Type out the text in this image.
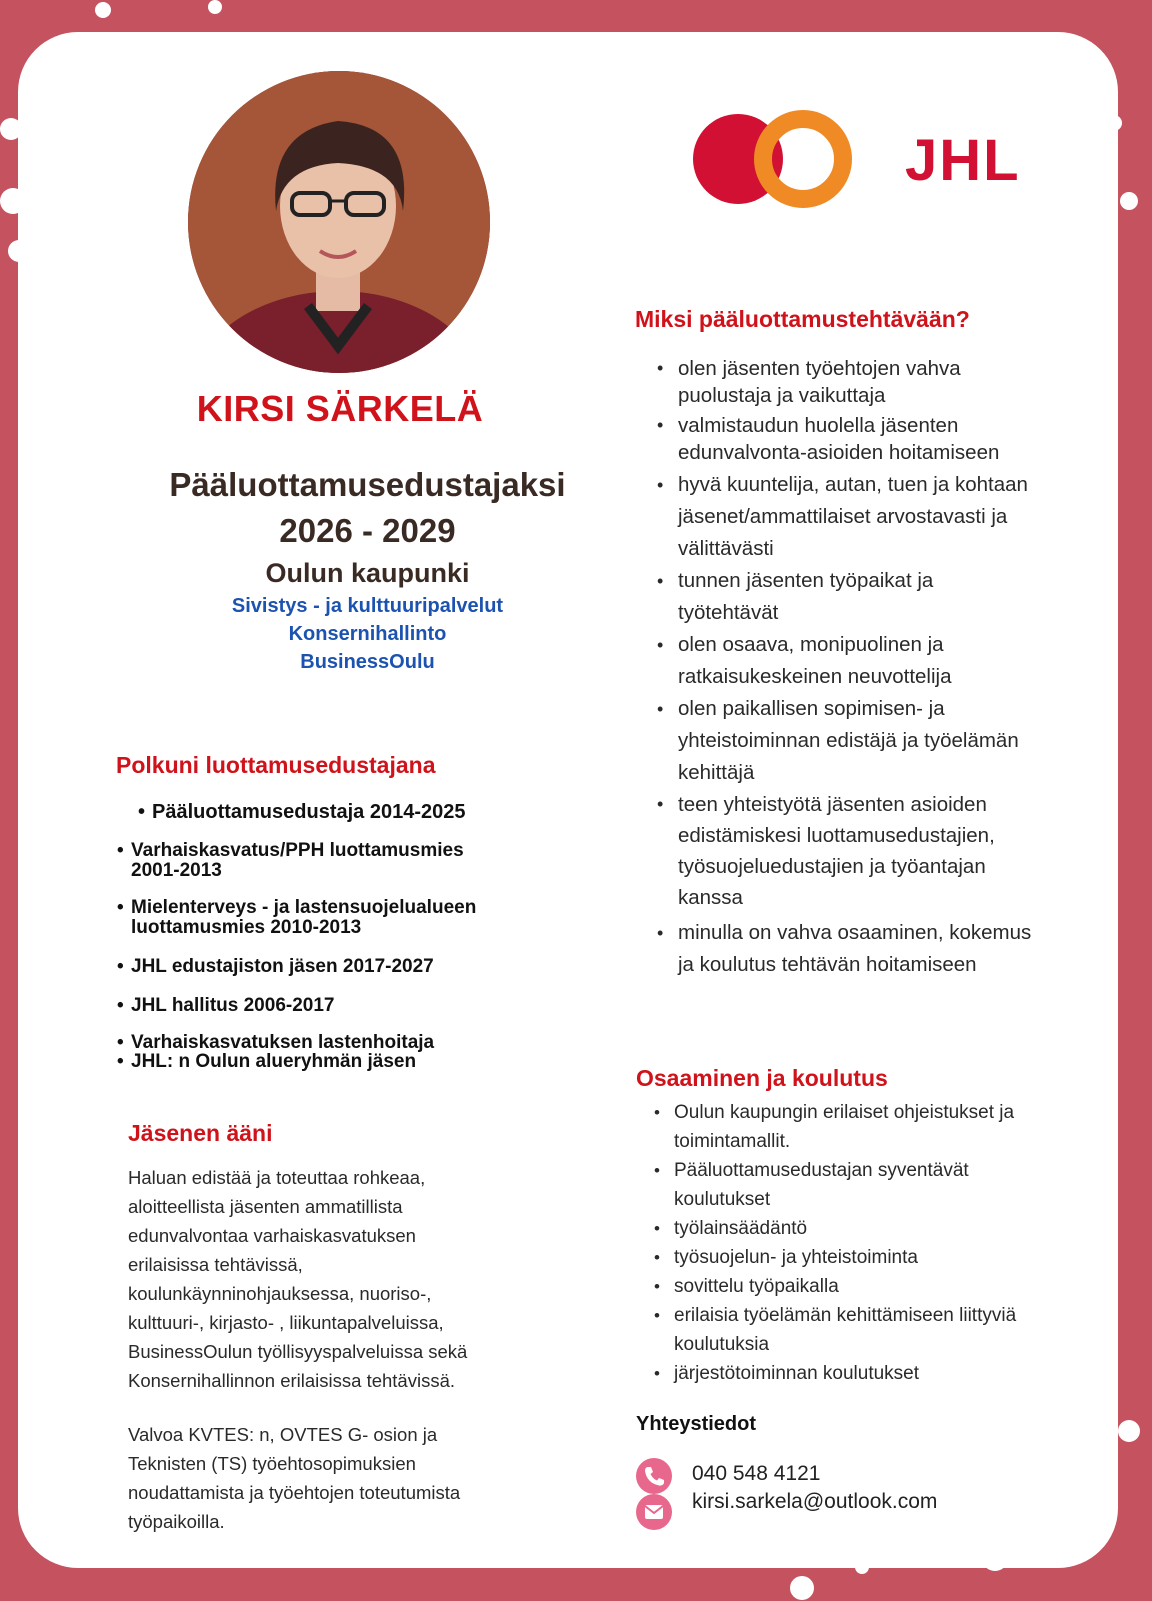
JHL
KIRSI SÄRKELÄ

Pääluottamusedustajaksi

2026 - 2029

Oulun kaupunki

Sivistys - ja kulttuuripalvelut

Konsernihallinto

BusinessOulu

Polkuni luottamusedustajana
• Pääluottamusedustaja 2014-2025
• Varhaiskasvatus/PPH luottamusmies
2001-2013
• Mielenterveys - ja lastensuojelualueen
luottamusmies 2010-2013
• JHL edustajiston jäsen 2017-2027
• JHL hallitus 2006-2017
• Varhaiskasvatuksen lastenhoitaja
• JHL: n Oulun alueryhmän jäsen
Jäsenen ääni
Haluan edistää ja toteuttaa rohkeaa,
aloitteellista jäsenten ammatillista
edunvalvontaa varhaiskasvatuksen
erilaisissa tehtävissä,
koulunkäynninohjauksessa, nuoriso-,
kulttuuri-, kirjasto- , liikuntapalveluissa,
BusinessOulun työllisyyspalveluissa sekä
Konsernihallinnon erilaisissa tehtävissä.
Valvoa KVTES: n, OVTES G- osion ja
Teknisten (TS) työehtosopimuksien
noudattamista ja työehtojen toteutumista
työpaikoilla.
Miksi pääluottamustehtävään?
• olen jäsenten työehtojen vahva
puolustaja ja vaikuttaja
• valmistaudun huolella jäsenten
edunvalvonta-asioiden hoitamiseen
• hyvä kuuntelija, autan, tuen ja kohtaan
jäsenet/ammattilaiset arvostavasti ja
välittävästi
• tunnen jäsenten työpaikat ja
työtehtävät
• olen osaava, monipuolinen ja
ratkaisukeskeinen neuvottelija
• olen paikallisen sopimisen- ja
yhteistoiminnan edistäjä ja työelämän
kehittäjä
• teen yhteistyötä jäsenten asioiden
edistämiskesi luottamusedustajien,
työsuojeluedustajien ja työantajan
kanssa
• minulla on vahva osaaminen, kokemus
ja koulutus tehtävän hoitamiseen
Osaaminen ja koulutus
• Oulun kaupungin erilaiset ohjeistukset ja
toimintamallit.
• Pääluottamusedustajan syventävät
koulutukset
• työlainsäädäntö
• työsuojelun- ja yhteistoiminta
• sovittelu työpaikalla
• erilaisia työelämän kehittämiseen liittyviä
koulutuksia
• järjestötoiminnan koulutukset
Yhteystiedot
040 548 4121
kirsi.sarkela@outlook.com
